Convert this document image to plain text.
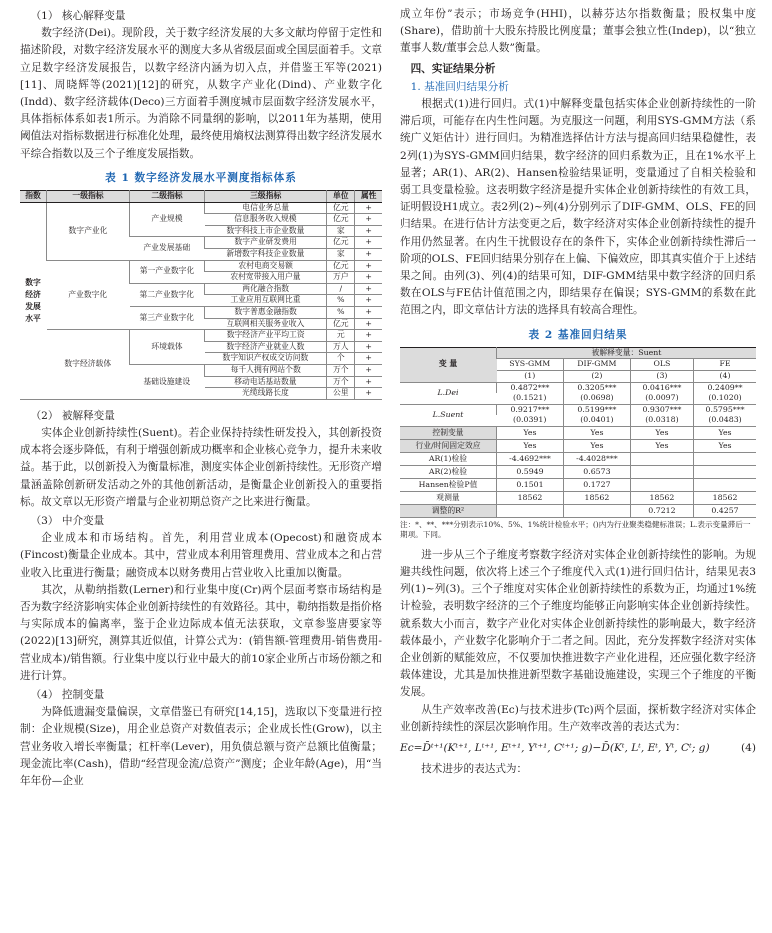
（1） 核心解释变量

数字经济(Dei)。现阶段，关于数字经济发展的大多文献均停留于定性和描述阶段，对数字经济发展水平的测度大多从省级层面或全国层面着手。文章立足数字经济发展报告，以数字经济内涵为切入点，并借鉴王军等(2021)[11]、周晓辉等(2021)[12]的研究，从数字产业化(Dind)、产业数字化(Indd)、数字经济载体(Deco)三方面着手测度城市层面数字经济发展水平，具体指标体系如表1所示。为消除不同量纲的影响，以2011年为基期，使用阈值法对指标数据进行标准化处理，最终使用熵权法测算得出数字经济发展水平综合指数以及三个子维度发展指数。

表 1 数字经济发展水平测度指标体系
指数	一级指标	二级指标	三级指标	单位	属性
数字经济发展水平	数字产业化	产业规模	电信业务总量	亿元	+
			信息服务收入规模	亿元	+
			数字科技上市企业数量	家	+
		产业发展基础	数字产业研发费用	亿元	+
			新增数字科技企业数量	家	+
	产业数字化	第一产业数字化	农村电商交易额	亿元	+
			农村宽带接入用户量	万户	+
		第二产业数字化	两化融合指数	/	+
			工业应用互联网比重	%	+
		第三产业数字化	数字普惠金融指数	%	+
			互联网相关服务业收入	亿元	+
	数字经济载体	环境载体	数字经济产业平均工资	元	+
			数字经济产业就业人数	万人	+
			数字知识产权成交访问数	个	+
		基础设施建设	每千人拥有网站个数	万个	+
			移动电话基站数量	万个	+
			光缆线路长度	公里	+
（2） 被解释变量

实体企业创新持续性(Suent)。若企业保持持续性研发投入，其创新投资成本将会逐步降低，有利于增强创新成功概率和企业核心竞争力，提升未来收益。基于此，以创新投入为衡量标准，测度实体企业创新持续性。无形资产增量涵盖除创新研发活动之外的其他创新活动，是衡量企业创新投入的重要指标。故文章以无形资产增量与企业初期总资产之比来进行衡量。

（3） 中介变量

企业成本和市场结构。首先，利用营业成本(Opecost)和融资成本(Fincost)衡量企业成本。其中，营业成本利用管理费用、营业成本之和占营业收入比重进行衡量；融资成本以财务费用占营业收入比重加以衡量。

其次，从勒纳指数(Lerner)和行业集中度(Cr)两个层面考察市场结构是否为数字经济影响实体企业创新持续性的有效路径。其中，勒纳指数是指价格与实际成本的偏离率，鉴于企业边际成本值无法获取，文章参鉴唐要家等(2022)[13]研究，测算其近似值，计算公式为：(销售额-管理费用-销售费用-营业成本)/销售额。行业集中度以行业中最大的前10家企业所占市场份额之和进行计算。

（4） 控制变量

为降低遗漏变量偏误，文章借鉴已有研究[14,15]，选取以下变量进行控制：企业规模(Size)，用企业总资产对数值表示；企业成长性(Grow)，以主营业务收入增长率衡量；杠杆率(Lever)，用负债总额与资产总额比值衡量；现金流比率(Cash)，借助“经营现金流/总资产”测度；企业年龄(Age)，用“当年年份—企业

成立年份”表示；市场竞争(HHI)，以赫芬达尔指数衡量；股权集中度(Share)，借助前十大股东持股比例度量；董事会独立性(Indep)，以“独立董事人数/董事会总人数”衡量。

四、实证结果分析
1. 基准回归结果分析

根据式(1)进行回归。式(1)中解释变量包括实体企业创新持续性的一阶滞后项，可能存在内生性问题。为克服这一问题，利用SYS-GMM方法（系统广义矩估计）进行回归。为精准选择估计方法与提高回归结果稳健性，表2列(1)为SYS-GMM回归结果，数字经济的回归系数为正，且在1%水平上显著；AR(1)、AR(2)、Hansen检验结果证明，变量通过了自相关检验和弱工具变量检验。这表明数字经济是提升实体企业创新持续性的有效工具，证明假设H1成立。表2列(2)~列(4)分别列示了DIF-GMM、OLS、FE的回归结果。在进行估计方法变更之后，数字经济对实体企业创新持续性的提升作用仍然显著。在内生干扰假设存在的条件下，实体企业创新持续性滞后一阶项的OLS、FE回归结果分别存在上偏、下偏效应，即其真实值介于上述结果之间。由列(3)、列(4)的结果可知，DIF-GMM结果中数字经济的回归系数在OLS与FE估计值范围之内，即结果存在偏误；SYS-GMM的系数在此范围之内，即文章估计方法的选择具有较高合理性。

表 2 基准回归结果
变 量	被解释变量：Suent			
	SYS-GMM	DIF-GMM	OLS	FE
	(1)	(2)	(3)	(4)
L.Dei	0.4872***	0.3205***	0.0416***	0.2409**
	(0.1521)	(0.0698)	(0.0097)	(0.1020)
L.Suent	0.9217***	0.5199***	0.9307***	0.5795***
	(0.0391)	(0.0401)	(0.0318)	(0.0483)
控制变量	Yes	Yes	Yes	Yes
行业/时间固定效应	Yes	Yes	Yes	Yes
AR(1)检验	-4.4692***	-4.4028***		
AR(2)检验	0.5949	0.6573		
Hansen检验P值	0.1501	0.1727		
观测量	18562	18562	18562	18562
调整的R²			0.7212	0.4257
注：*、**、***分别表示10%、5%、1%统计检验水平；()内为行业聚类稳健标准误；L.表示变量滞后一期项。下同。

进一步从三个子维度考察数字经济对实体企业创新持续性的影响。为规避共线性问题，依次将上述三个子维度代入式(1)进行回归估计，结果见表3列(1)~列(3)。三个子维度对实体企业创新持续性的系数为正，均通过1%统计检验，表明数字经济的三个子维度均能够正向影响实体企业创新持续性。就系数大小而言，数字产业化对实体企业创新持续性的影响最大，数字经济载体最小，产业数字化影响介于二者之间。因此，充分发挥数字经济对实体企业创新的赋能效应，不仅要加快推进数字产业化进程，还应强化数字经济载体建设，尤其是加快推进新型数字基础设施建设，实现三个子维度的平衡发展。

从生产效率改善(Ec)与技术进步(Tc)两个层面，探析数字经济对实体企业创新持续性的深层次影响作用。生产效率改善的表达式为：

Ec=D̄ᵗ⁺¹(Kᵗ⁺¹, Lᵗ⁺¹, Eᵗ⁺¹, Yᵗ⁺¹, Cᵗ⁺¹; g)−D̄(Kᵗ, Lᵗ, Eᵗ, Yᵗ, Cᵗ; g)	(4)

技术进步的表达式为：
